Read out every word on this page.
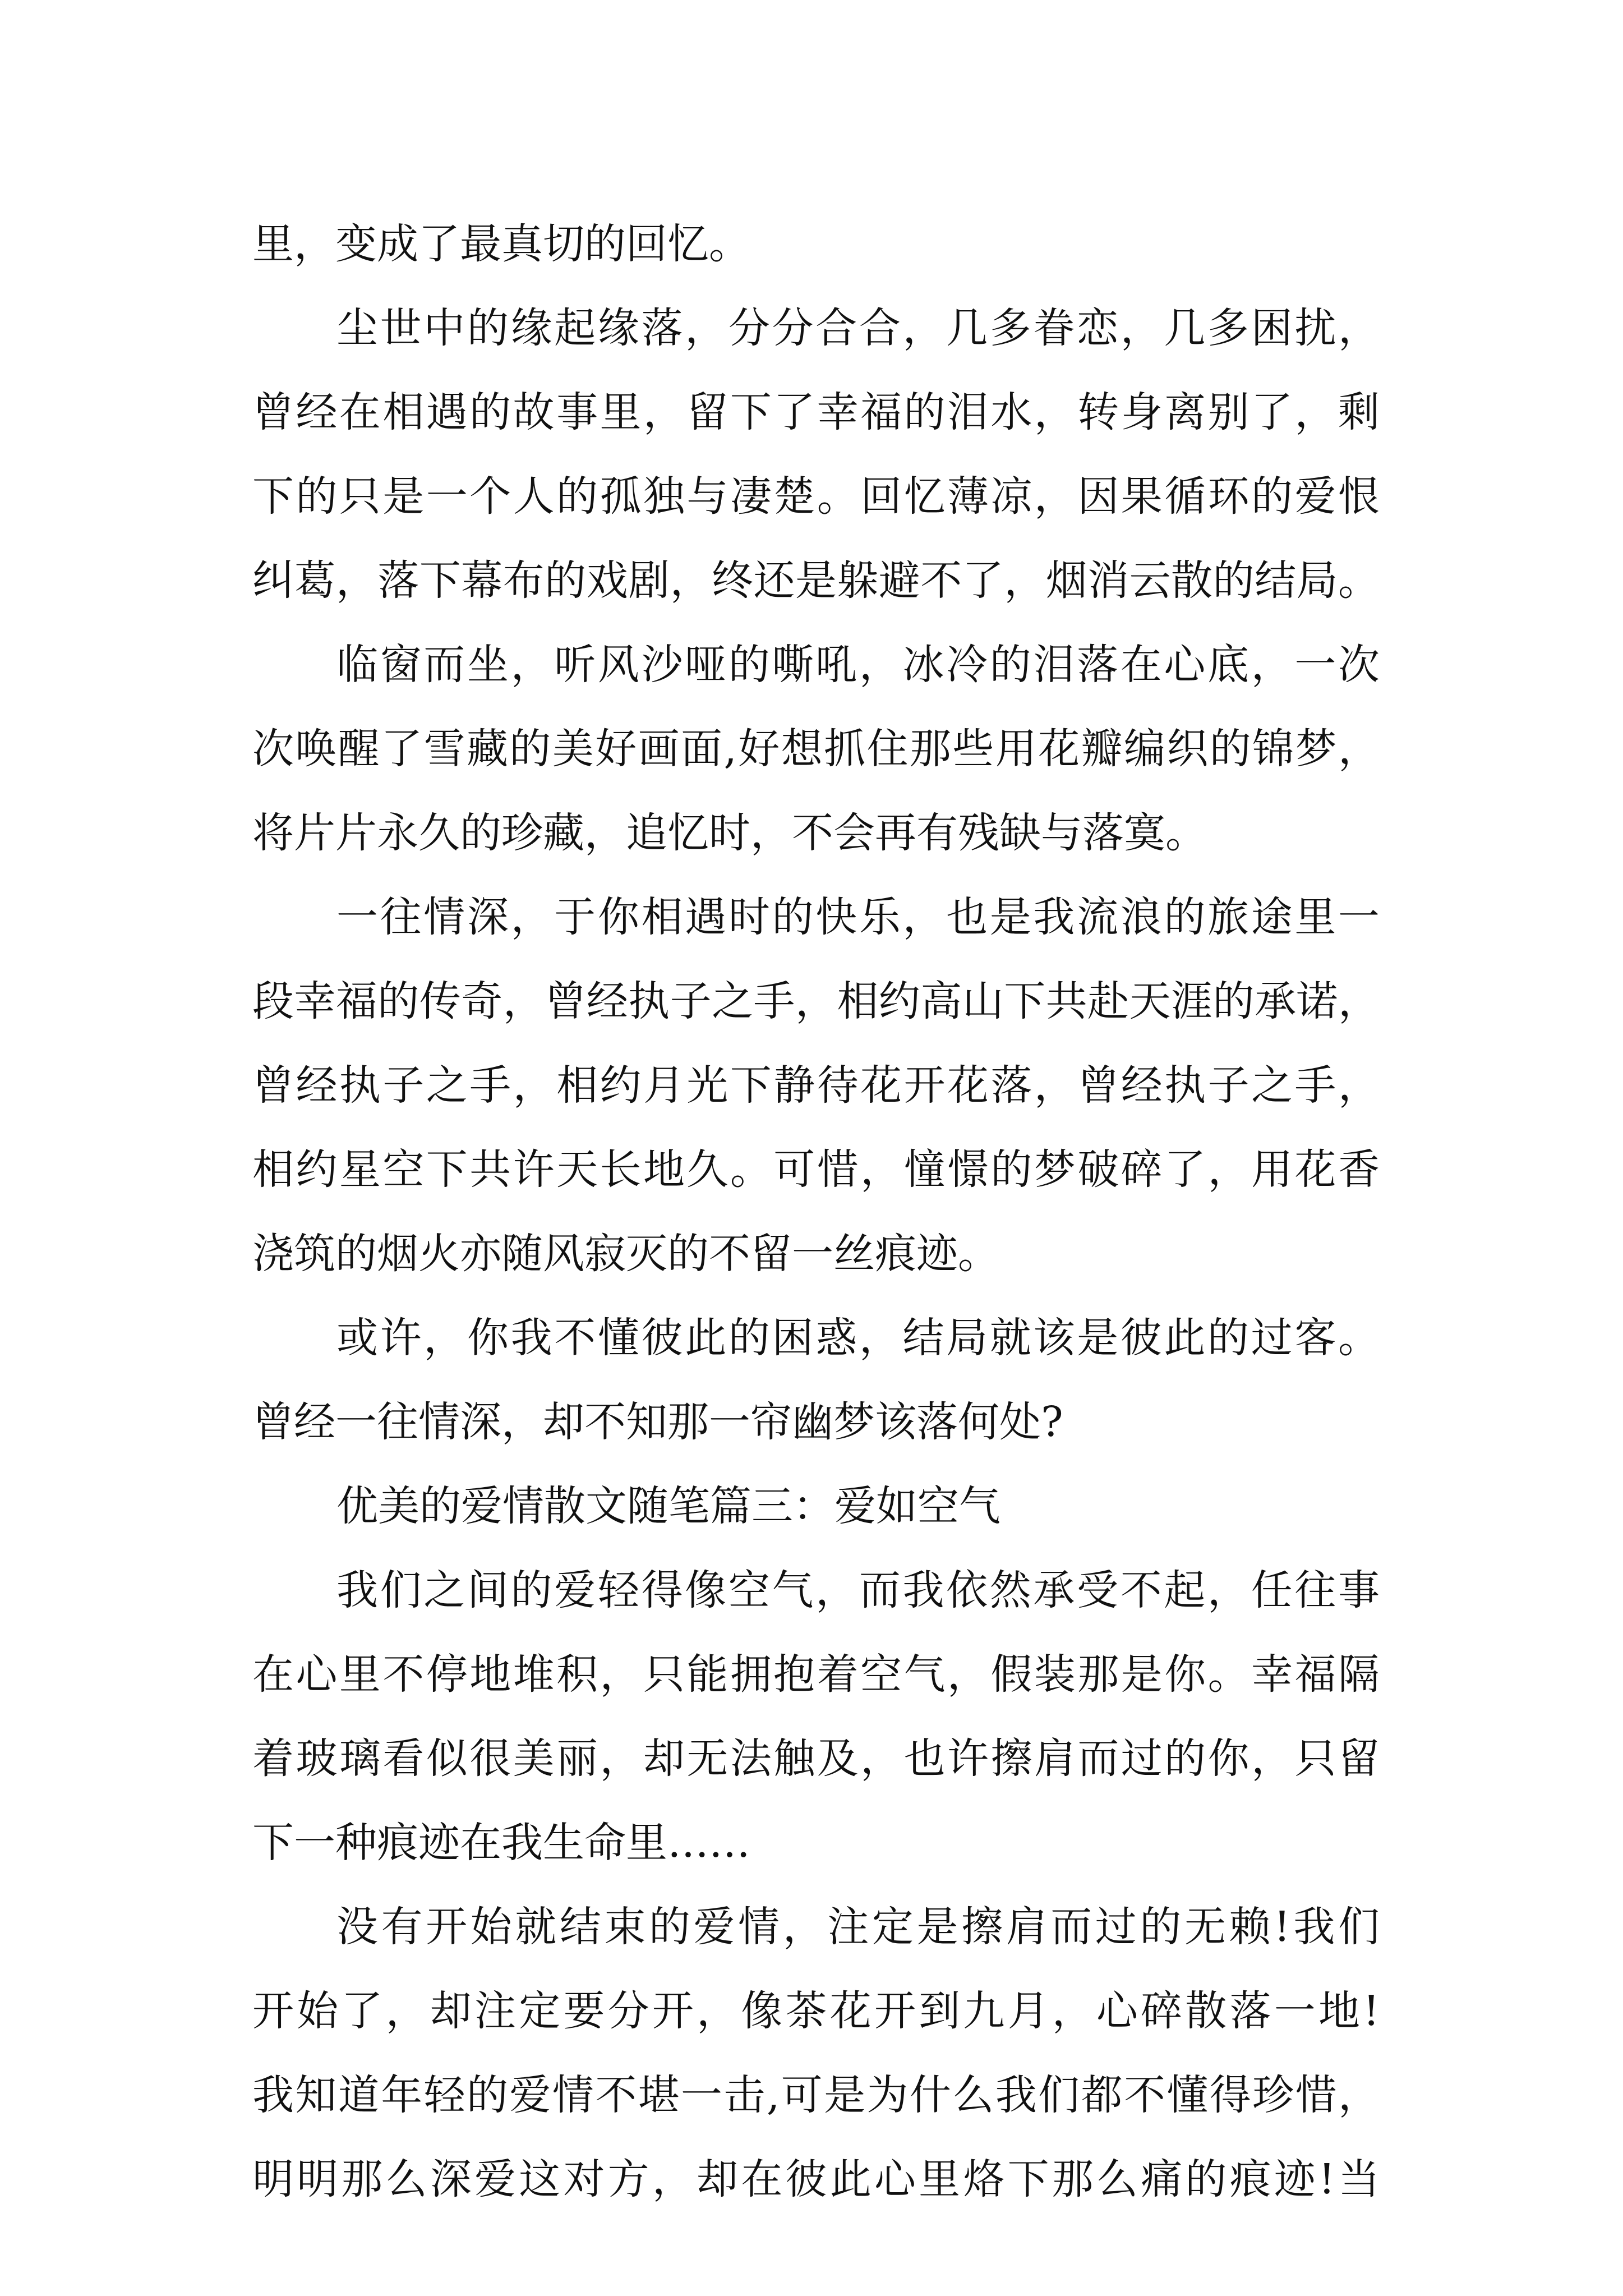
里，变成了最真切的回忆。
尘世中的缘起缘落，分分合合，几多眷恋，几多困扰，
曾经在相遇的故事里，留下了幸福的泪水，转身离别了，剩
下的只是一个人的孤独与凄楚。回忆薄凉，因果循环的爱恨
纠葛，落下幕布的戏剧，终还是躲避不了，烟消云散的结局。
临窗而坐，听风沙哑的嘶吼，冰冷的泪落在心底，一次
次唤醒了雪藏的美好画面,好想抓住那些用花瓣编织的锦梦，
将片片永久的珍藏，追忆时，不会再有残缺与落寞。
一往情深，于你相遇时的快乐，也是我流浪的旅途里一
段幸福的传奇，曾经执子之手，相约高山下共赴天涯的承诺，
曾经执子之手，相约月光下静待花开花落，曾经执子之手，
相约星空下共许天长地久。可惜，憧憬的梦破碎了，用花香
浇筑的烟火亦随风寂灭的不留一丝痕迹。
或许，你我不懂彼此的困惑，结局就该是彼此的过客。
曾经一往情深，却不知那一帘幽梦该落何处?
优美的爱情散文随笔篇三：爱如空气
我们之间的爱轻得像空气，而我依然承受不起，任往事
在心里不停地堆积，只能拥抱着空气，假装那是你。幸福隔
着玻璃看似很美丽，却无法触及，也许擦肩而过的你，只留
下一种痕迹在我生命里……
没有开始就结束的爱情，注定是擦肩而过的无赖!我们
开始了，却注定要分开，像茶花开到九月，心碎散落一地!
我知道年轻的爱情不堪一击,可是为什么我们都不懂得珍惜，
明明那么深爱这对方，却在彼此心里烙下那么痛的痕迹!当
